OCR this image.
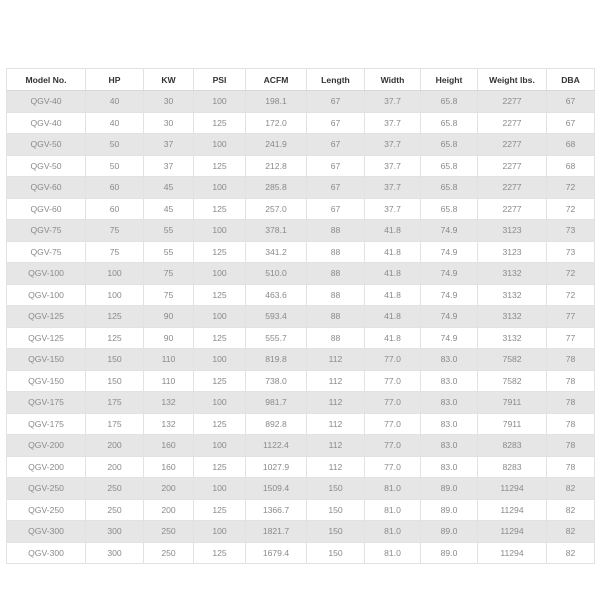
Model No.	HP	KW	PSI	ACFM	Length	Width	Height	Weight lbs.	DBA
QGV-40	40	30	100	198.1	67	37.7	65.8	2277	67
QGV-40	40	30	125	172.0	67	37.7	65.8	2277	67
QGV-50	50	37	100	241.9	67	37.7	65.8	2277	68
QGV-50	50	37	125	212.8	67	37.7	65.8	2277	68
QGV-60	60	45	100	285.8	67	37.7	65.8	2277	72
QGV-60	60	45	125	257.0	67	37.7	65.8	2277	72
QGV-75	75	55	100	378.1	88	41.8	74.9	3123	73
QGV-75	75	55	125	341.2	88	41.8	74.9	3123	73
QGV-100	100	75	100	510.0	88	41.8	74.9	3132	72
QGV-100	100	75	125	463.6	88	41.8	74.9	3132	72
QGV-125	125	90	100	593.4	88	41.8	74.9	3132	77
QGV-125	125	90	125	555.7	88	41.8	74.9	3132	77
QGV-150	150	110	100	819.8	112	77.0	83.0	7582	78
QGV-150	150	110	125	738.0	112	77.0	83.0	7582	78
QGV-175	175	132	100	981.7	112	77.0	83.0	7911	78
QGV-175	175	132	125	892.8	112	77.0	83.0	7911	78
QGV-200	200	160	100	1122.4	112	77.0	83.0	8283	78
QGV-200	200	160	125	1027.9	112	77.0	83.0	8283	78
QGV-250	250	200	100	1509.4	150	81.0	89.0	11294	82
QGV-250	250	200	125	1366.7	150	81.0	89.0	11294	82
QGV-300	300	250	100	1821.7	150	81.0	89.0	11294	82
QGV-300	300	250	125	1679.4	150	81.0	89.0	11294	82
